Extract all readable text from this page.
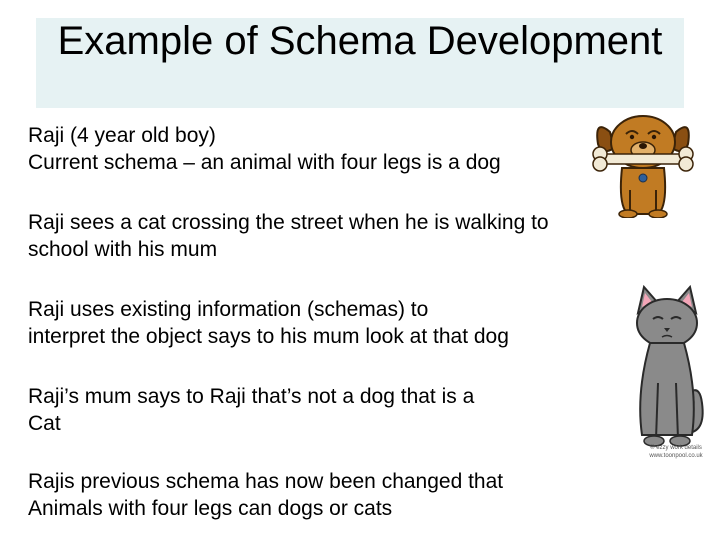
Example of Schema Development
Raji (4 year old boy)
Current schema – an animal with four legs is a dog
Raji sees a cat crossing the street when he is walking to
school with his mum
Raji uses existing information (schemas) to
interpret the object says to his mum look at that dog
Raji’s mum says to Raji that’s not a dog that is a
Cat
Rajis previous schema has now been changed that
Animals with four legs can dogs or cats
© ezzy work details
www.toonpool.co.uk
